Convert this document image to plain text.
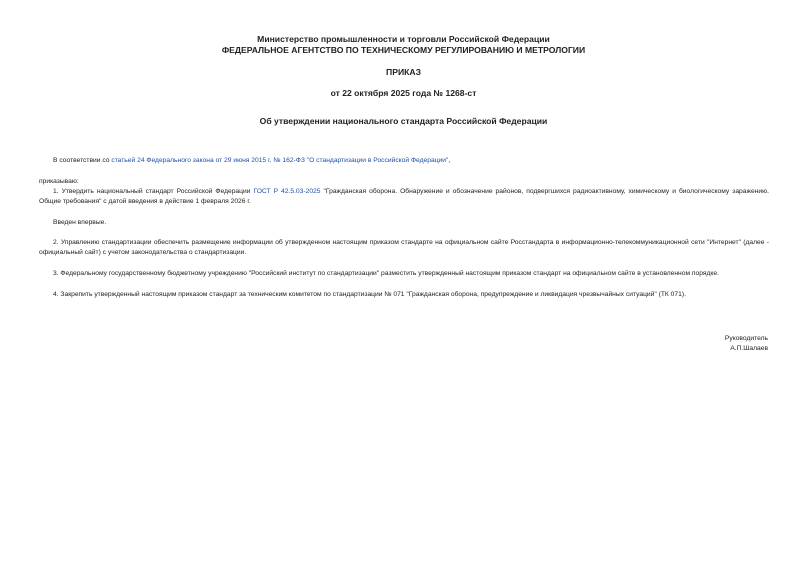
Министерство промышленности и торговли Российской Федерации
ФЕДЕРАЛЬНОЕ АГЕНТСТВО ПО ТЕХНИЧЕСКОМУ РЕГУЛИРОВАНИЮ И МЕТРОЛОГИИ
ПРИКАЗ
от 22 октября 2025 года № 1268-ст
Об утверждении национального стандарта Российской Федерации
В соответствии со статьей 24 Федерального закона от 29 июня 2015 г. № 162-ФЗ "О стандартизации в Российской Федерации",
приказываю:
1. Утвердить национальный стандарт Российской Федерации ГОСТ Р 42.5.03-2025 "Гражданская оборона. Обнаружение и обозначение районов, подвергшихся радиоактивному, химическому и биологическому заражению. Общие требования" с датой введения в действие 1 февраля 2026 г.
Введен впервые.
2. Управлению стандартизации обеспечить размещение информации об утвержденном настоящим приказом стандарте на официальном сайте Росстандарта в информационно-телекоммуникационной сети "Интернет" (далее - официальный сайт) с учетом законодательства о стандартизации.
3. Федеральному государственному бюджетному учреждению "Российский институт по стандартизации" разместить утвержденный настоящим приказом стандарт на официальном сайте в установленном порядке.
4. Закрепить утвержденный настоящим приказом стандарт за техническим комитетом по стандартизации № 071 "Гражданская оборона, предупреждение и ликвидация чрезвычайных ситуаций" (ТК 071).
Руководитель
А.П.Шалаев
